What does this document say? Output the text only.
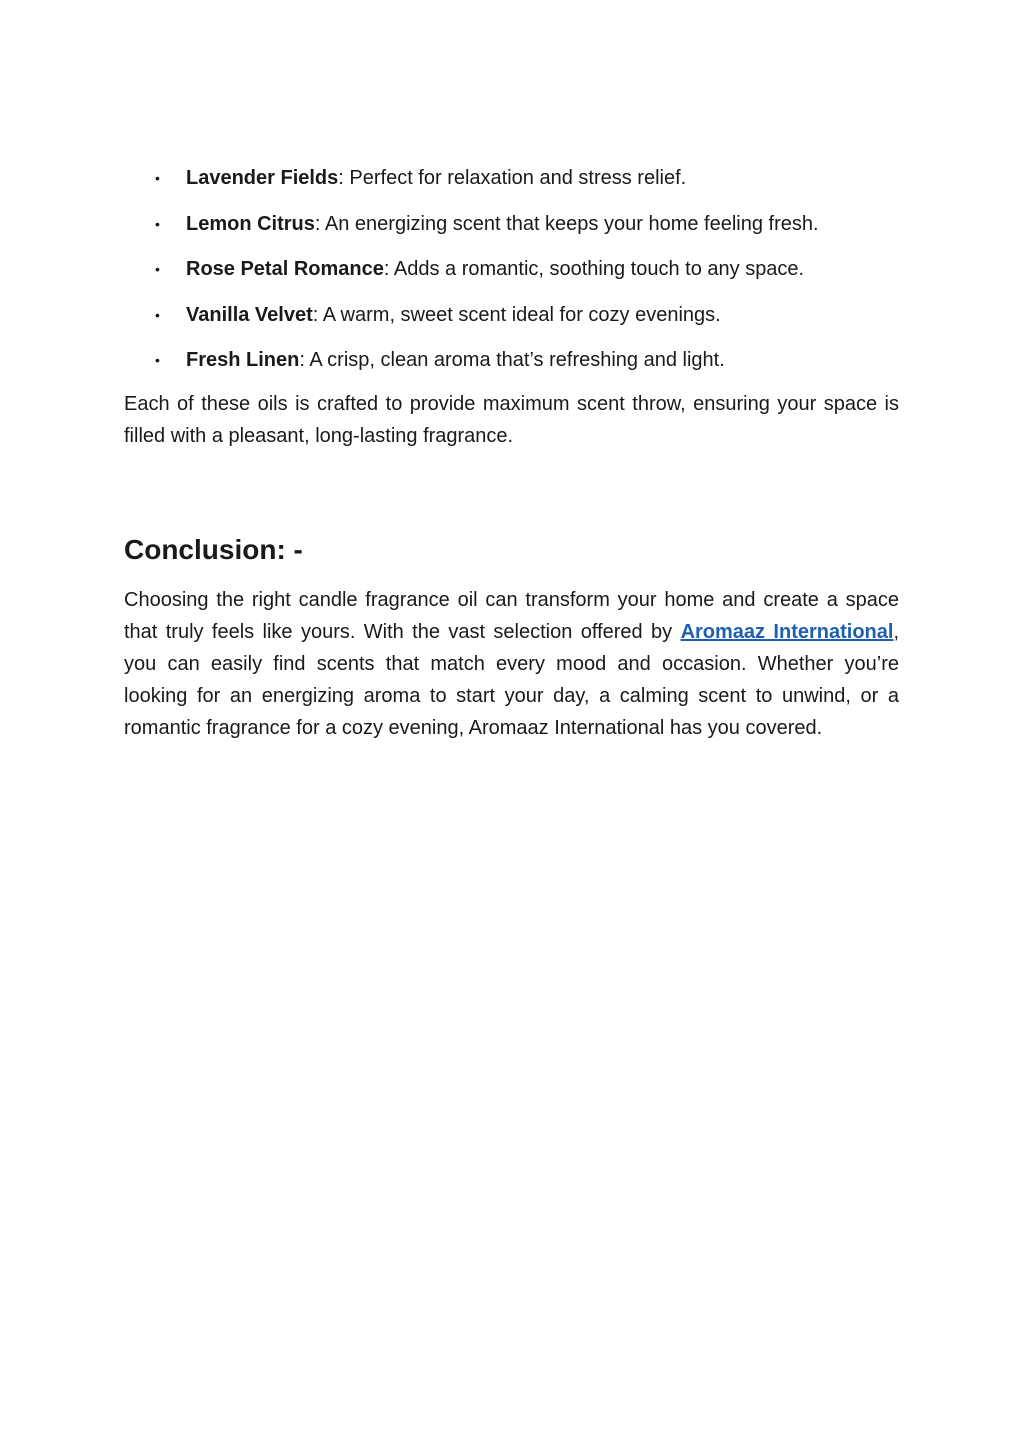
• Lavender Fields: Perfect for relaxation and stress relief.
• Lemon Citrus: An energizing scent that keeps your home feeling fresh.
• Rose Petal Romance: Adds a romantic, soothing touch to any space.
• Vanilla Velvet: A warm, sweet scent ideal for cozy evenings.
• Fresh Linen: A crisp, clean aroma that’s refreshing and light.

Each of these oils is crafted to provide maximum scent throw, ensuring your space is filled with a pleasant, long-lasting fragrance.

Conclusion: -

Choosing the right candle fragrance oil can transform your home and create a space that truly feels like yours. With the vast selection offered by Aromaaz International, you can easily find scents that match every mood and occasion. Whether you’re looking for an energizing aroma to start your day, a calming scent to unwind, or a romantic fragrance for a cozy evening, Aromaaz International has you covered.
